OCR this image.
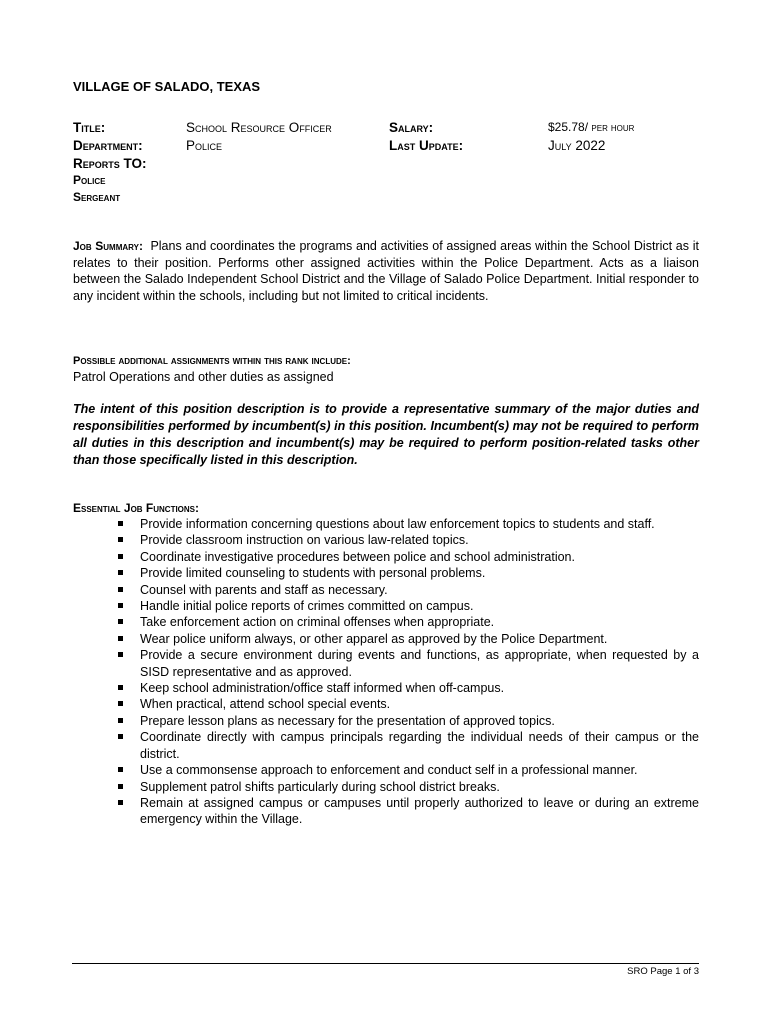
VILLAGE OF SALADO, TEXAS
Title:	School Resource Officer
Department:	Police
Reports TO:
Police
Sergeant
Salary:	$25.78/ per hour
Last Update:	July 2022
Job Summary: Plans and coordinates the programs and activities of assigned areas within the School District as it relates to their position. Performs other assigned activities within the Police Department. Acts as a liaison between the Salado Independent School District and the Village of Salado Police Department. Initial responder to any incident within the schools, including but not limited to critical incidents.
Possible additional assignments within this rank include:
Patrol Operations and other duties as assigned
The intent of this position description is to provide a representative summary of the major duties and responsibilities performed by incumbent(s) in this position. Incumbent(s) may not be required to perform all duties in this description and incumbent(s) may be required to perform position-related tasks other than those specifically listed in this description.
Essential Job Functions:
Provide information concerning questions about law enforcement topics to students and staff.
Provide classroom instruction on various law-related topics.
Coordinate investigative procedures between police and school administration.
Provide limited counseling to students with personal problems.
Counsel with parents and staff as necessary.
Handle initial police reports of crimes committed on campus.
Take enforcement action on criminal offenses when appropriate.
Wear police uniform always, or other apparel as approved by the Police Department.
Provide a secure environment during events and functions, as appropriate, when requested by a SISD representative and as approved.
Keep school administration/office staff informed when off-campus.
When practical, attend school special events.
Prepare lesson plans as necessary for the presentation of approved topics.
Coordinate directly with campus principals regarding the individual needs of their campus or the district.
Use a commonsense approach to enforcement and conduct self in a professional manner.
Supplement patrol shifts particularly during school district breaks.
Remain at assigned campus or campuses until properly authorized to leave or during an extreme emergency within the Village.
SRO Page 1 of 3
